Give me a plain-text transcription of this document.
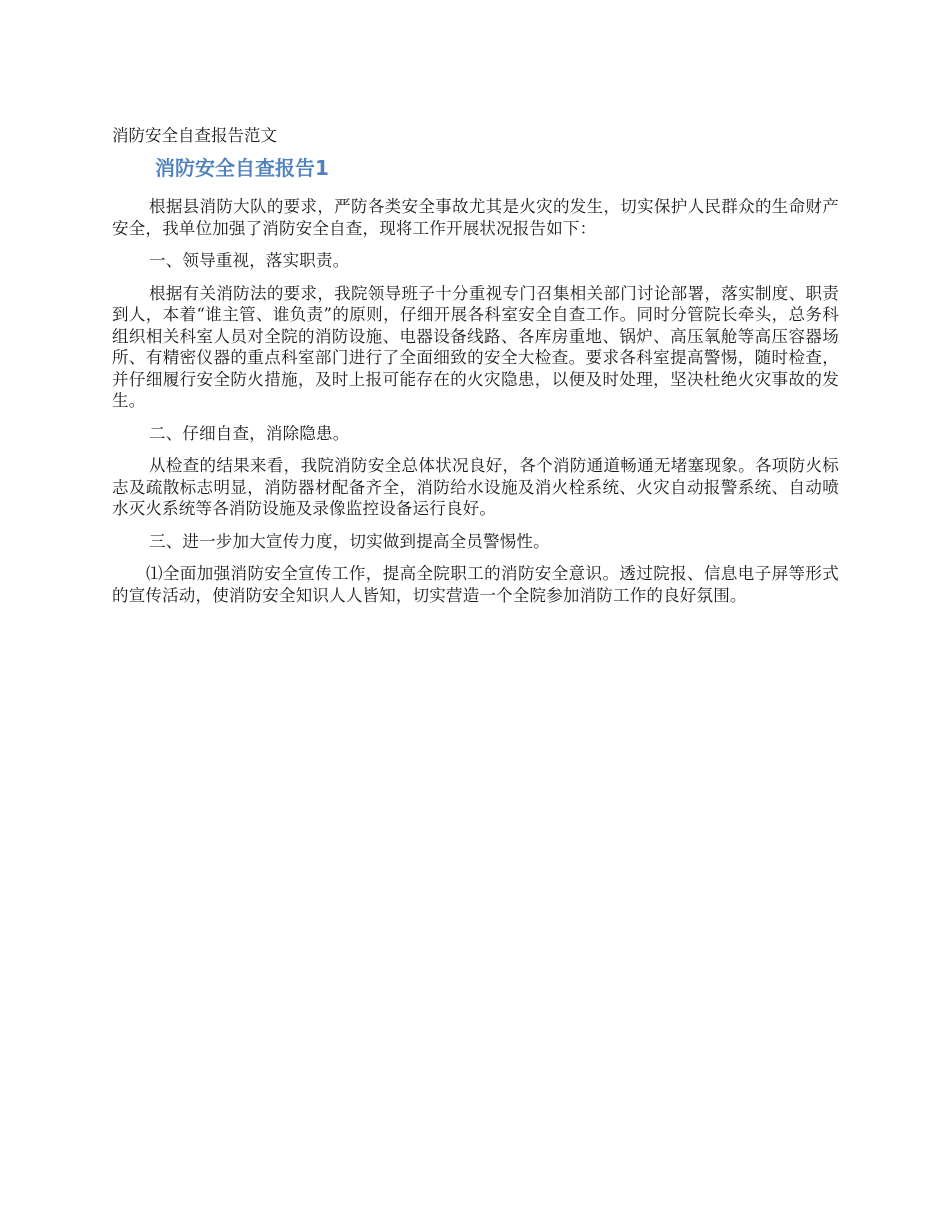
消防安全自查报告范文
消防安全自查报告1

根据县消防大队的要求，严防各类安全事故尤其是火灾的发生，切实保护人民群众的生命财产安全，我单位加强了消防安全自查，现将工作开展状况报告如下：

一、领导重视，落实职责。

根据有关消防法的要求，我院领导班子十分重视专门召集相关部门讨论部署，落实制度、职责到人，本着“谁主管、谁负责”的原则，仔细开展各科室安全自查工作。同时分管院长牵头，总务科组织相关科室人员对全院的消防设施、电器设备线路、各库房重地、锅炉、高压氧舱等高压容器场所、有精密仪器的重点科室部门进行了全面细致的安全大检查。要求各科室提高警惕，随时检查，并仔细履行安全防火措施，及时上报可能存在的火灾隐患，以便及时处理，坚决杜绝火灾事故的发生。

二、仔细自查，消除隐患。

从检查的结果来看，我院消防安全总体状况良好，各个消防通道畅通无堵塞现象。各项防火标志及疏散标志明显，消防器材配备齐全，消防给水设施及消火栓系统、火灾自动报警系统、自动喷水灭火系统等各消防设施及录像监控设备运行良好。

三、进一步加大宣传力度，切实做到提高全员警惕性。

⑴全面加强消防安全宣传工作，提高全院职工的消防安全意识。透过院报、信息电子屏等形式的宣传活动，使消防安全知识人人皆知，切实营造一个全院参加消防工作的良好氛围。
